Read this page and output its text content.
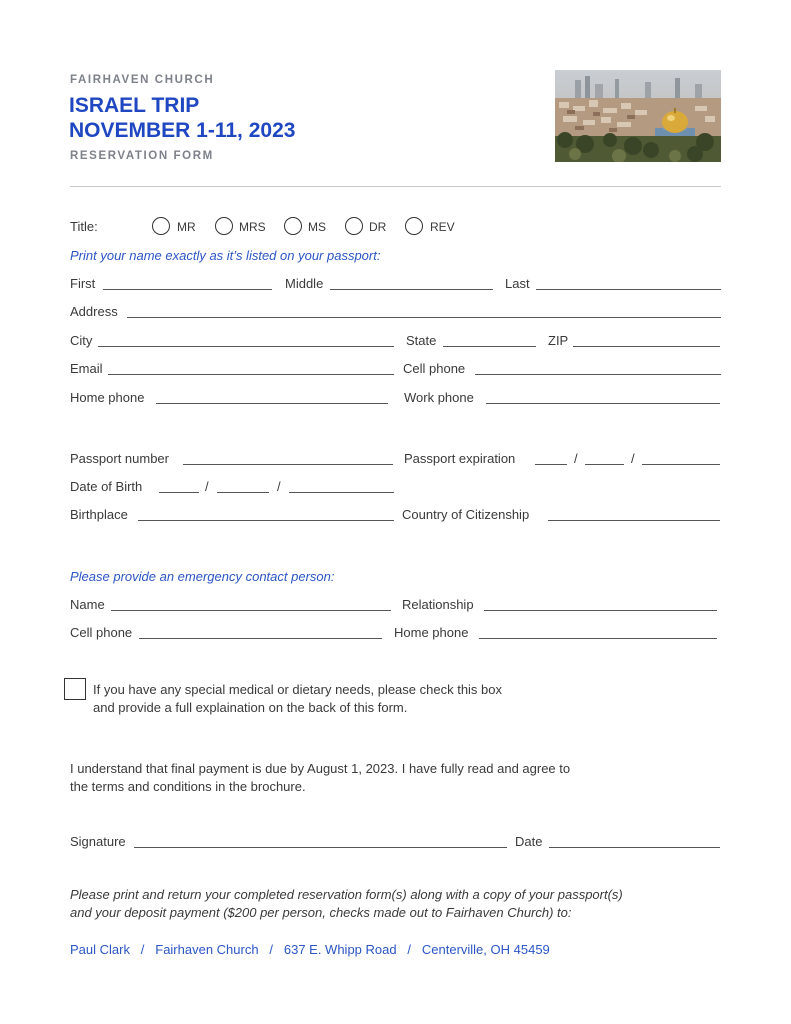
FAIRHAVEN CHURCH
ISRAEL TRIP
NOVEMBER 1-11, 2023
RESERVATION FORM
Title:	MR	MRS	MS	DR	REV
Print your name exactly as it’s listed on your passport:
First	Middle	Last
Address
City	State	ZIP
Email	Cell phone
Home phone	Work phone
Passport number	Passport expiration	/	/
Date of Birth	/	/
Birthplace	Country of Citizenship
Please provide an emergency contact person:
Name	Relationship
Cell phone	Home phone
If you have any special medical or dietary needs, please check this box
and provide a full explaination on the back of this form.
I understand that final payment is due by August 1, 2023. I have fully read and agree to
the terms and conditions in the brochure.
Signature	Date
Please print and return your completed reservation form(s) along with a copy of your passport(s)
and your deposit payment ($200 per person, checks made out to Fairhaven Church) to:
Paul Clark   /   Fairhaven Church   /   637 E. Whipp Road   /   Centerville, OH 45459
